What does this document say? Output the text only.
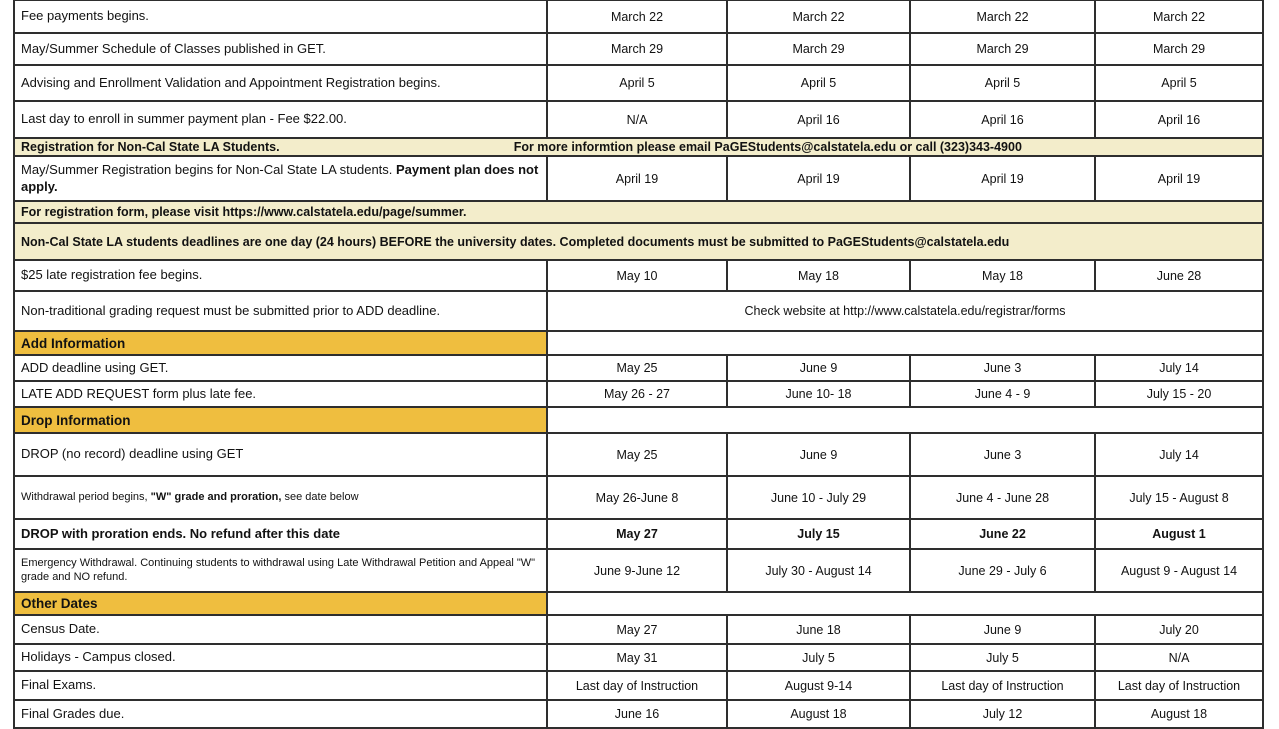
Fee payments begins.	March 22	March 22	March 22	March 22
May/Summer Schedule of Classes published in GET.	March 29	March 29	March 29	March 29
Advising and Enrollment Validation and Appointment Registration begins.	April 5	April 5	April 5	April 5
Last day to enroll in summer payment plan - Fee $22.00.	N/A	April 16	April 16	April 16

Registration for Non-Cal State LA Students. For more informtion please email PaGEStudents@calstatela.edu or call (323)343-4900				

May/Summer Registration begins for Non-Cal State LA students. Payment plan does not apply.	April 19	April 19	April 19	April 19
For registration form, please visit https://www.calstatela.edu/page/summer.				
Non-Cal State LA students deadlines are one day (24 hours) BEFORE the university dates. Completed documents must be submitted to PaGEStudents@calstatela.edu				
$25 late registration fee begins.	May 10	May 18	May 18	June 28
Non-traditional grading request must be submitted prior to ADD deadline.	Check website at http://www.calstatela.edu/registrar/forms			
Add Information				
ADD deadline using GET.	May 25	June 9	June 3	July 14
LATE ADD REQUEST form plus late fee.	May 26 - 27	June 10- 18	June 4 - 9	July 15 - 20
Drop Information				
DROP (no record) deadline using GET	May 25	June 9	June 3	July 14
Withdrawal period begins, "W" grade and proration, see date below	May 26-June 8	June 10 - July 29	June 4 - June 28	July 15 - August 8
DROP with proration ends. No refund after this date	May 27	July 15	June 22	August 1
Emergency Withdrawal. Continuing students to withdrawal using Late Withdrawal Petition and Appeal "W" grade and NO refund.	June 9-June 12	July 30 - August 14	June 29 - July 6	August 9 - August 14
Other Dates				
Census Date.	May 27	June 18	June 9	July 20
Holidays - Campus closed.	May 31	July 5	July 5	N/A
Final Exams.	Last day of Instruction	August 9-14	Last day of Instruction	Last day of Instruction
Final Grades due.	June 16	August 18	July 12	August 18
